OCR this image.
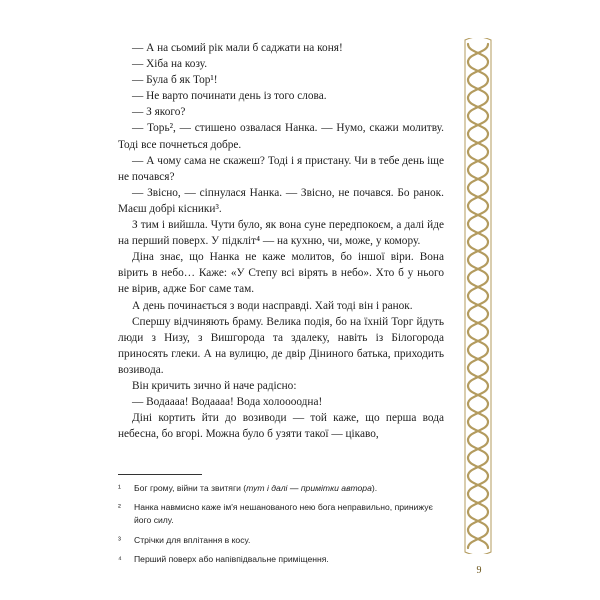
— А на сьомий рік мали б саджати на коня!

— Хіба на козу.

— Була б як Тор¹!

— Не варто починати день із того слова.

— З якого?

— Торь², — стишено озвалася Нанка. — Нумо, скажи молитву. Тоді все почнеться добре.

— А чому сама не скажеш? Тоді і я пристану. Чи в тебе день іще не почався?

— Звісно, — сіпнулася Нанка. — Звісно, не почався. Бо ранок. Маєш добрі кісники³.

З тим і вийшла. Чути було, як вона суне передпокоєм, а далі йде на перший поверх. У підкліт⁴ — на кухню, чи, може, у комору.

Діна знає, що Нанка не каже молитов, бо іншої віри. Вона вірить в небо… Каже: «У Степу всі вірять в небо». Хто б у нього не вірив, адже Бог саме там.

А день починається з води насправді. Хай тоді він і ранок.

Спершу відчиняють браму. Велика подія, бо на їхній Торг йдуть люди з Низу, з Вишгорода та здалеку, навіть із Білогорода приносять глеки. А на вулицю, де двір Діниного батька, приходить возивода.

Він кричить зичнo й наче радісно:

— Водаааа! Водаааа! Вода холоооодна!

Діні кортить йти до возиводи — той каже, що перша вода небесна, бо вгорі. Можна було б узяти такої — цікаво,

¹	Бог грому, війни та звитяги (тут і далі — примітки автора).

²	Нанка навмисно каже ім'я нешанованого нею бога неправильно, принижує його силу.

³	Стрічки для вплітання в косу.

⁴	Перший поверх або напівпідвальне приміщення.

9
